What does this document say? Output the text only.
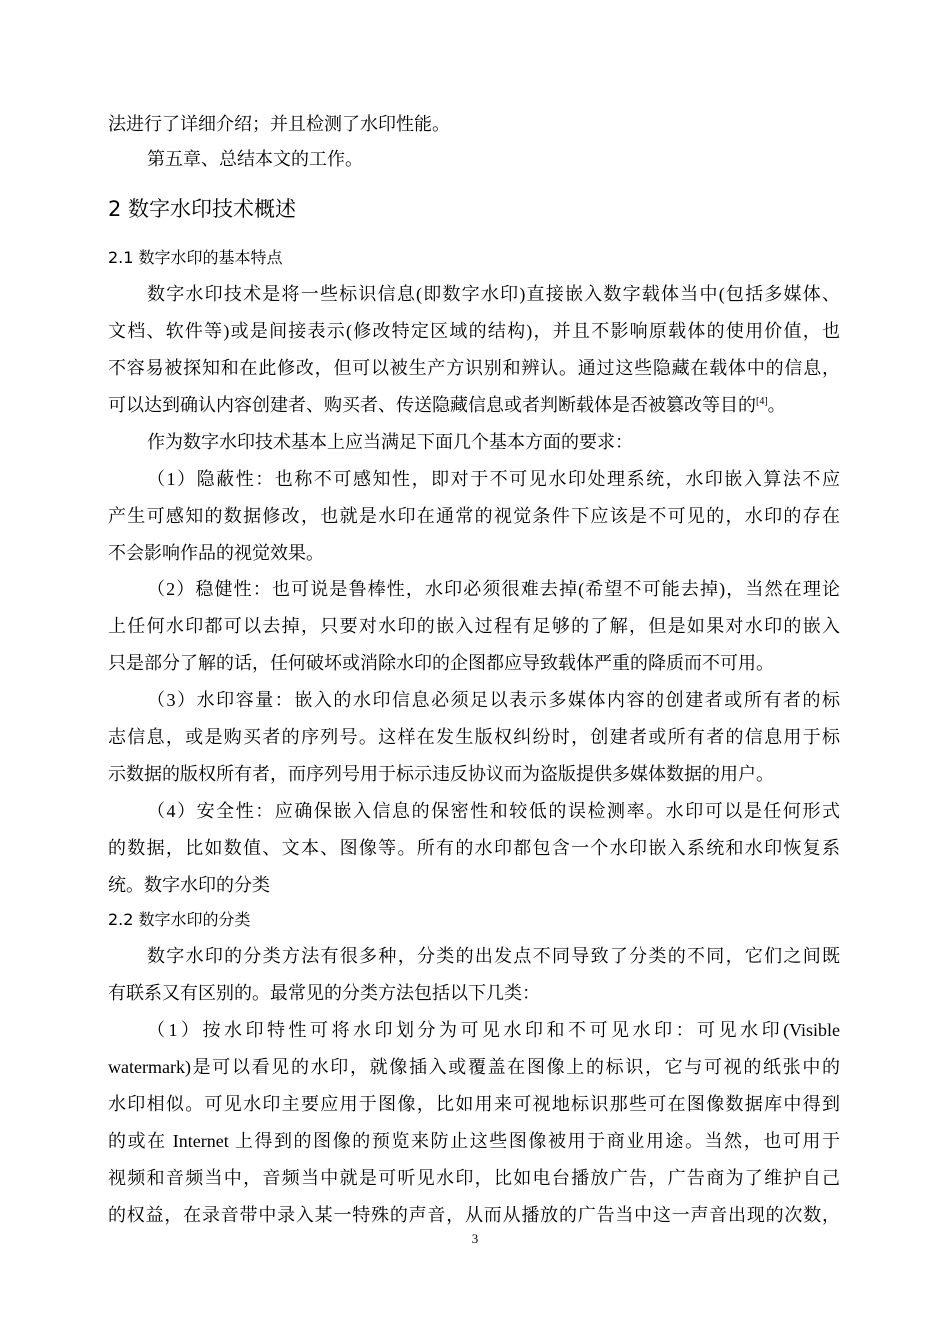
法进行了详细介绍；并且检测了水印性能。
第五章、总结本文的工作。
2 数字水印技术概述
2.1 数字水印的基本特点
数字水印技术是将一些标识信息(即数字水印)直接嵌入数字载体当中(包括多媒体、
文档、软件等)或是间接表示(修改特定区域的结构)，并且不影响原载体的使用价值，也
不容易被探知和在此修改，但可以被生产方识别和辨认。通过这些隐藏在载体中的信息，
可以达到确认内容创建者、购买者、传送隐藏信息或者判断载体是否被篡改等目的[4]。
作为数字水印技术基本上应当满足下面几个基本方面的要求：
（1）隐蔽性：也称不可感知性，即对于不可见水印处理系统，水印嵌入算法不应
产生可感知的数据修改，也就是水印在通常的视觉条件下应该是不可见的，水印的存在
不会影响作品的视觉效果。
（2）稳健性：也可说是鲁棒性，水印必须很难去掉(希望不可能去掉)，当然在理论
上任何水印都可以去掉，只要对水印的嵌入过程有足够的了解，但是如果对水印的嵌入
只是部分了解的话，任何破坏或消除水印的企图都应导致载体严重的降质而不可用。
（3）水印容量：嵌入的水印信息必须足以表示多媒体内容的创建者或所有者的标
志信息，或是购买者的序列号。这样在发生版权纠纷时，创建者或所有者的信息用于标
示数据的版权所有者，而序列号用于标示违反协议而为盗版提供多媒体数据的用户。
（4）安全性：应确保嵌入信息的保密性和较低的误检测率。水印可以是任何形式
的数据，比如数值、文本、图像等。所有的水印都包含一个水印嵌入系统和水印恢复系
统。数字水印的分类
2.2 数字水印的分类
数字水印的分类方法有很多种，分类的出发点不同导致了分类的不同，它们之间既
有联系又有区别的。最常见的分类方法包括以下几类：
（1）按水印特性可将水印划分为可见水印和不可见水印：可见水印(Visible
watermark)是可以看见的水印，就像插入或覆盖在图像上的标识，它与可视的纸张中的
水印相似。可见水印主要应用于图像，比如用来可视地标识那些可在图像数据库中得到
的或在 Internet 上得到的图像的预览来防止这些图像被用于商业用途。当然，也可用于
视频和音频当中，音频当中就是可听见水印，比如电台播放广告，广告商为了维护自己
的权益，在录音带中录入某一特殊的声音，从而从播放的广告当中这一声音出现的次数，
3
